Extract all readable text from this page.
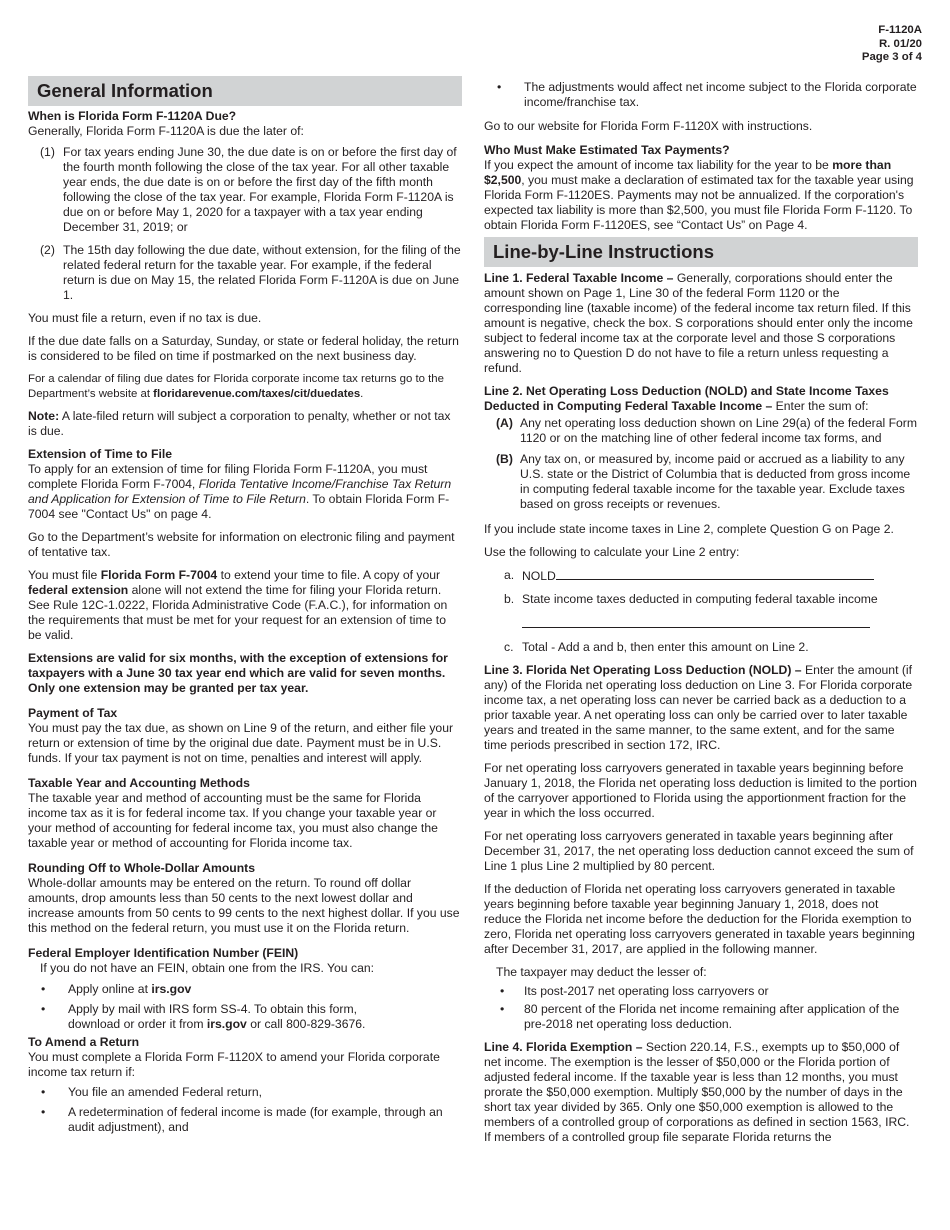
F-1120A
R. 01/20
Page 3 of 4
General Information

When is Florida Form F-1120A Due?

Generally, Florida Form F-1120A is due the later of:

(1) For tax years ending June 30, the due date is on or before the first day of the fourth month following the close of the tax year. For all other taxable year ends, the due date is on or before the first day of the fifth month following the close of the tax year. For example, Florida Form F-1120A is due on or before May 1, 2020 for a taxpayer with a tax year ending December 31, 2019; or
(2) The 15th day following the due date, without extension, for the filing of the related federal return for the taxable year. For example, if the federal return is due on May 15, the related Florida Form F-1120A is due on June 1.

You must file a return, even if no tax is due.

If the due date falls on a Saturday, Sunday, or state or federal holiday, the return is considered to be filed on time if postmarked on the next business day.

For a calendar of filing due dates for Florida corporate income tax returns go to the Department’s website at floridarevenue.com/taxes/cit/duedates.

Note: A late-filed return will subject a corporation to penalty, whether or not tax is due.

Extension of Time to File

To apply for an extension of time for filing Florida Form F-1120A, you must complete Florida Form F-7004, Florida Tentative Income/Franchise Tax Return and Application for Extension of Time to File Return. To obtain Florida Form F-7004 see "Contact Us" on page 4.

Go to the Department’s website for information on electronic filing and payment of tentative tax.

You must file Florida Form F-7004 to extend your time to file. A copy of your federal extension alone will not extend the time for filing your Florida return. See Rule 12C-1.0222, Florida Administrative Code (F.A.C.), for information on the requirements that must be met for your request for an extension of time to be valid.

Extensions are valid for six months, with the exception of extensions for taxpayers with a June 30 tax year end which are valid for seven months. Only one extension may be granted per tax year.

Payment of Tax

You must pay the tax due, as shown on Line 9 of the return, and either file your return or extension of time by the original due date. Payment must be in U.S. funds. If your tax payment is not on time, penalties and interest will apply.

Taxable Year and Accounting Methods

The taxable year and method of accounting must be the same for Florida income tax as it is for federal income tax. If you change your taxable year or your method of accounting for federal income tax, you must also change the taxable year or method of accounting for Florida income tax.

Rounding Off to Whole-Dollar Amounts

Whole-dollar amounts may be entered on the return. To round off dollar amounts, drop amounts less than 50 cents to the next lowest dollar and increase amounts from 50 cents to 99 cents to the next highest dollar. If you use this method on the federal return, you must use it on the Florida return.

Federal Employer Identification Number (FEIN)

If you do not have an FEIN, obtain one from the IRS. You can:

•	Apply online at irs.gov
•	Apply by mail with IRS form SS-4. To obtain this form, download or order it from irs.gov or call 800-829-3676.

To Amend a Return

You must complete a Florida Form F-1120X to amend your Florida corporate income tax return if:

•	You file an amended Federal return,
•	A redetermination of federal income is made (for example, through an audit adjustment), and
•	The adjustments would affect net income subject to the Florida corporate income/franchise tax.

Go to our website for Florida Form F-1120X with instructions.

Who Must Make Estimated Tax Payments?

If you expect the amount of income tax liability for the year to be more than $2,500, you must make a declaration of estimated tax for the taxable year using Florida Form F-1120ES. Payments may not be annualized. If the corporation's expected tax liability is more than $2,500, you must file Florida Form F-1120. To obtain Florida Form F-1120ES, see “Contact Us” on Page 4.

Line-by-Line Instructions

Line 1. Federal Taxable Income – Generally, corporations should enter the amount shown on Page 1, Line 30 of the federal Form 1120 or the corresponding line (taxable income) of the federal income tax return filed. If this amount is negative, check the box. S corporations should enter only the income subject to federal income tax at the corporate level and those S corporations answering no to Question D do not have to file a return unless requesting a refund.

Line 2. Net Operating Loss Deduction (NOLD) and State Income Taxes Deducted in Computing Federal Taxable Income – Enter the sum of:

(A) Any net operating loss deduction shown on Line 29(a) of the federal Form 1120 or on the matching line of other federal income tax forms, and
(B) Any tax on, or measured by, income paid or accrued as a liability to any U.S. state or the District of Columbia that is deducted from gross income in computing federal taxable income for the taxable year. Exclude taxes based on gross receipts or revenues.

If you include state income taxes in Line 2, complete Question G on Page 2.

Use the following to calculate your Line 2 entry:

a. NOLD
b. State income taxes deducted in computing federal taxable income
c. Total - Add a and b, then enter this amount on Line 2.

Line 3. Florida Net Operating Loss Deduction (NOLD) – Enter the amount (if any) of the Florida net operating loss deduction on Line 3. For Florida corporate income tax, a net operating loss can never be carried back as a deduction to a prior taxable year. A net operating loss can only be carried over to later taxable years and treated in the same manner, to the same extent, and for the same time periods prescribed in section 172, IRC.

For net operating loss carryovers generated in taxable years beginning before January 1, 2018, the Florida net operating loss deduction is limited to the portion of the carryover apportioned to Florida using the apportionment fraction for the year in which the loss occurred.

For net operating loss carryovers generated in taxable years beginning after December 31, 2017, the net operating loss deduction cannot exceed the sum of Line 1 plus Line 2 multiplied by 80 percent.

If the deduction of Florida net operating loss carryovers generated in taxable years beginning before taxable year beginning January 1, 2018, does not reduce the Florida net income before the deduction for the Florida exemption to zero, Florida net operating loss carryovers generated in taxable years beginning after December 31, 2017, are applied in the following manner.

The taxpayer may deduct the lesser of:

•	Its post-2017 net operating loss carryovers or
•	80 percent of the Florida net income remaining after application of the pre-2018 net operating loss deduction.

Line 4. Florida Exemption – Section 220.14, F.S., exempts up to $50,000 of net income. The exemption is the lesser of $50,000 or the Florida portion of adjusted federal income. If the taxable year is less than 12 months, you must prorate the $50,000 exemption. Multiply $50,000 by the number of days in the short tax year divided by 365. Only one $50,000 exemption is allowed to the members of a controlled group of corporations as defined in section 1563, IRC. If members of a controlled group file separate Florida returns the
